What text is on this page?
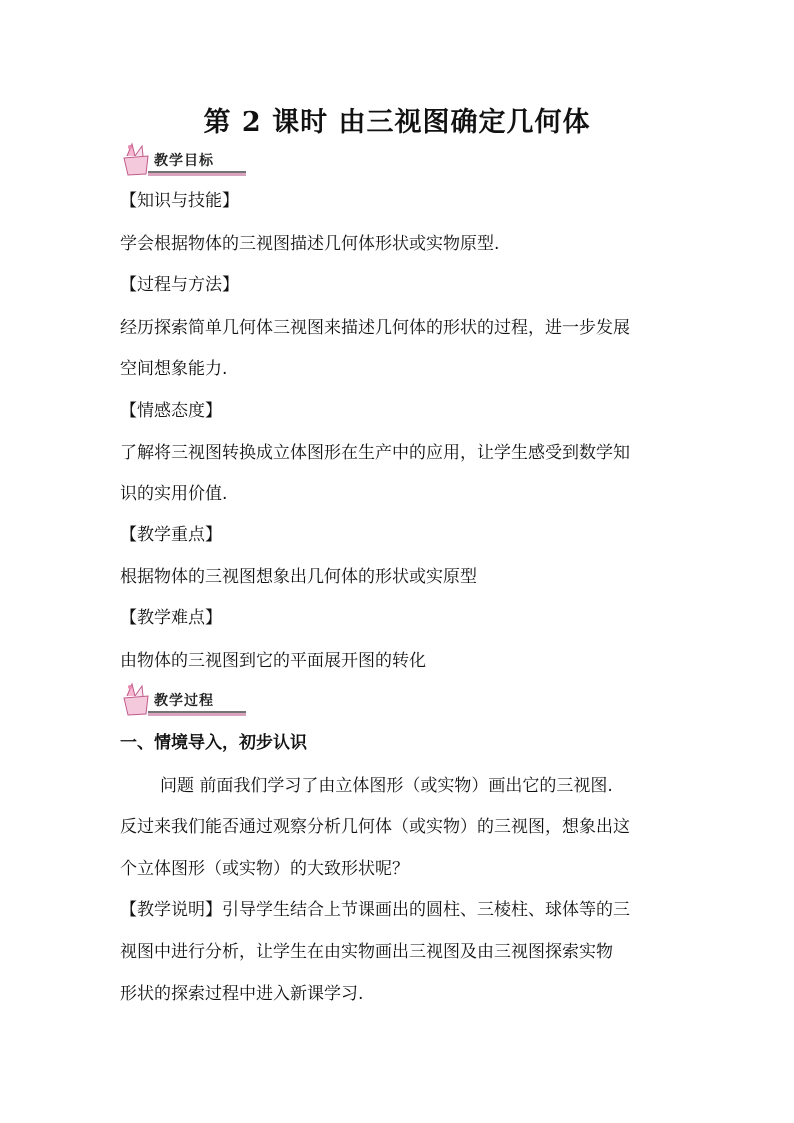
第 2 课时 由三视图确定几何体
教学目标
【知识与技能】
学会根据物体的三视图描述几何体形状或实物原型.
【过程与方法】
经历探索简单几何体三视图来描述几何体的形状的过程，进一步发展
空间想象能力.
【情感态度】
了解将三视图转换成立体图形在生产中的应用，让学生感受到数学知
识的实用价值.
【教学重点】
根据物体的三视图想象出几何体的形状或实原型
【教学难点】
由物体的三视图到它的平面展开图的转化
教学过程
一、情境导入，初步认识
问题 前面我们学习了由立体图形（或实物）画出它的三视图.
反过来我们能否通过观察分析几何体（或实物）的三视图，想象出这
个立体图形（或实物）的大致形状呢？
【教学说明】引导学生结合上节课画出的圆柱、三棱柱、球体等的三
视图中进行分析，让学生在由实物画出三视图及由三视图探索实物
形状的探索过程中进入新课学习.
